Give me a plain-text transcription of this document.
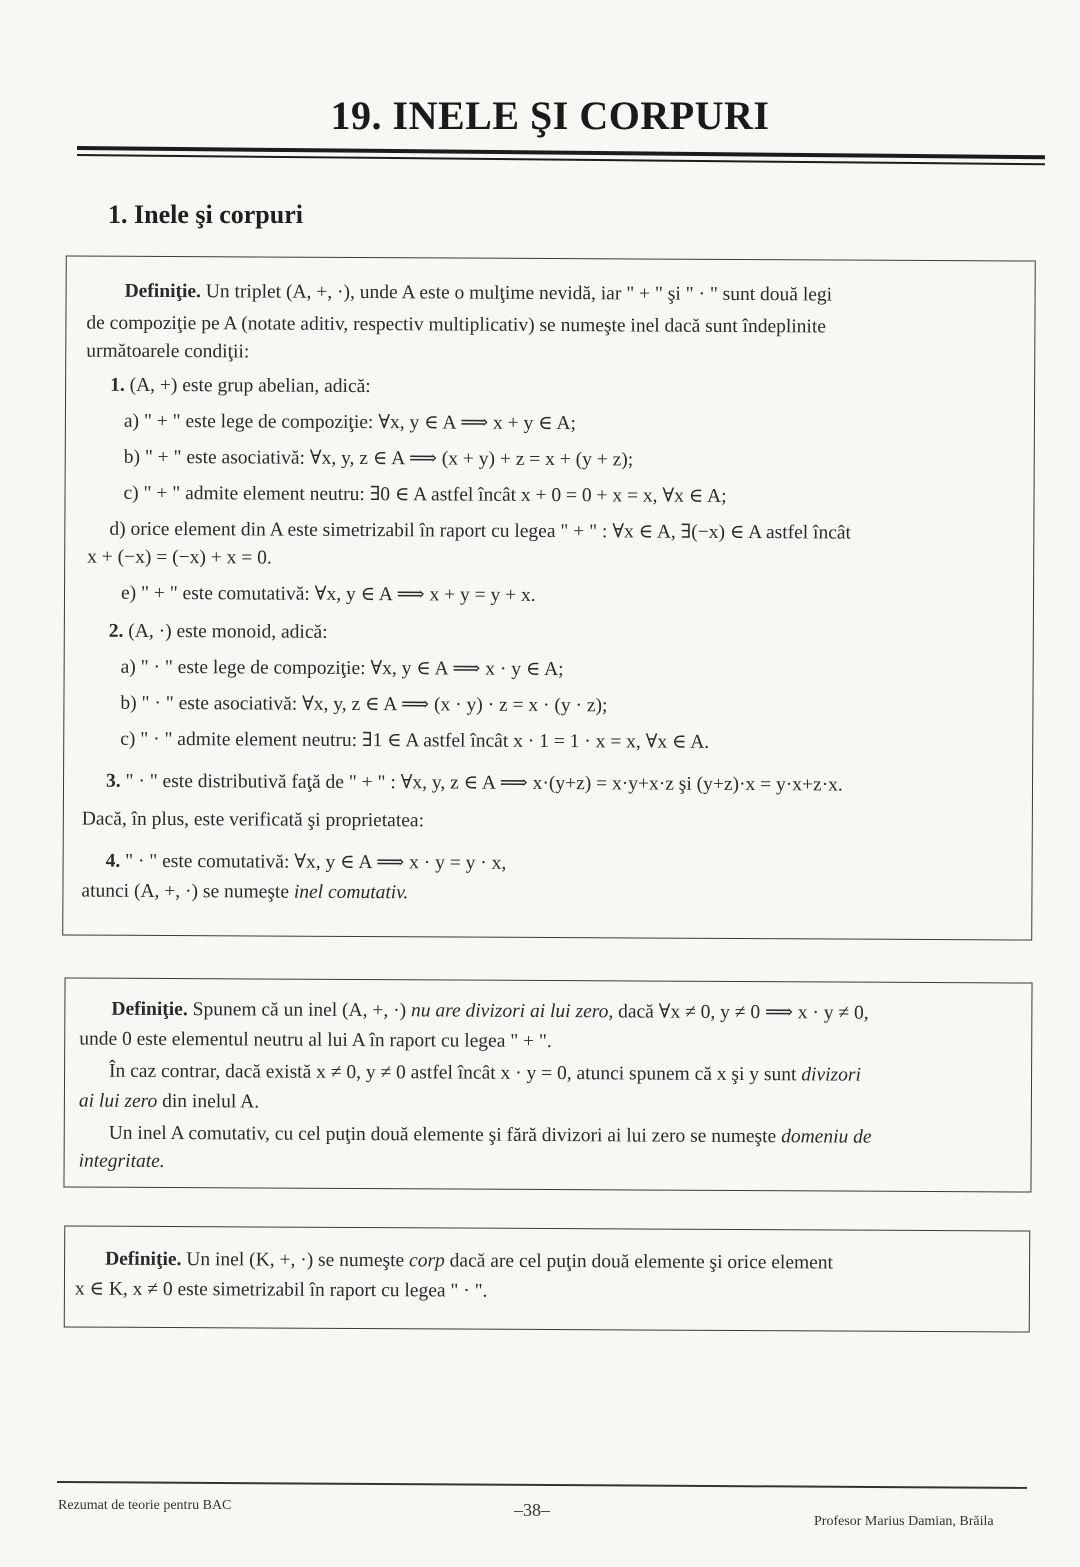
19. INELE ŞI CORPURI
1. Inele şi corpuri
Definiţie. Un triplet (A, +, ·), unde A este o mulţime nevidă, iar " + " şi " · " sunt două legi
de compoziţie pe A (notate aditiv, respectiv multiplicativ) se numeşte inel dacă sunt îndeplinite
următoarele condiţii:
1. (A, +) este grup abelian, adică:
a) " + " este lege de compoziţie: ∀x, y ∈ A ⟹ x + y ∈ A;
b) " + " este asociativă: ∀x, y, z ∈ A ⟹ (x + y) + z = x + (y + z);
c) " + " admite element neutru: ∃0 ∈ A astfel încât x + 0 = 0 + x = x, ∀x ∈ A;
d) orice element din A este simetrizabil în raport cu legea " + " : ∀x ∈ A, ∃(−x) ∈ A astfel încât
x + (−x) = (−x) + x = 0.
e) " + " este comutativă: ∀x, y ∈ A ⟹ x + y = y + x.
2. (A, ·) este monoid, adică:
a) " · " este lege de compoziţie: ∀x, y ∈ A ⟹ x · y ∈ A;
b) " · " este asociativă: ∀x, y, z ∈ A ⟹ (x · y) · z = x · (y · z);
c) " · " admite element neutru: ∃1 ∈ A astfel încât x · 1 = 1 · x = x, ∀x ∈ A.
3. " · " este distributivă faţă de " + " : ∀x, y, z ∈ A ⟹ x·(y+z) = x·y+x·z şi (y+z)·x = y·x+z·x.
Dacă, în plus, este verificată şi proprietatea:
4. " · " este comutativă: ∀x, y ∈ A ⟹ x · y = y · x,
atunci (A, +, ·) se numeşte inel comutativ.
Definiţie. Spunem că un inel (A, +, ·) nu are divizori ai lui zero, dacă ∀x ≠ 0, y ≠ 0 ⟹ x · y ≠ 0,
unde 0 este elementul neutru al lui A în raport cu legea " + ".
În caz contrar, dacă există x ≠ 0, y ≠ 0 astfel încât x · y = 0, atunci spunem că x şi y sunt divizori
ai lui zero din inelul A.
Un inel A comutativ, cu cel puţin două elemente şi fără divizori ai lui zero se numeşte domeniu de
integritate.
Definiţie. Un inel (K, +, ·) se numeşte corp dacă are cel puţin două elemente şi orice element
x ∈ K, x ≠ 0 este simetrizabil în raport cu legea " · ".
Rezumat de teorie pentru BAC	–38–
Profesor Marius Damian, Brăila
